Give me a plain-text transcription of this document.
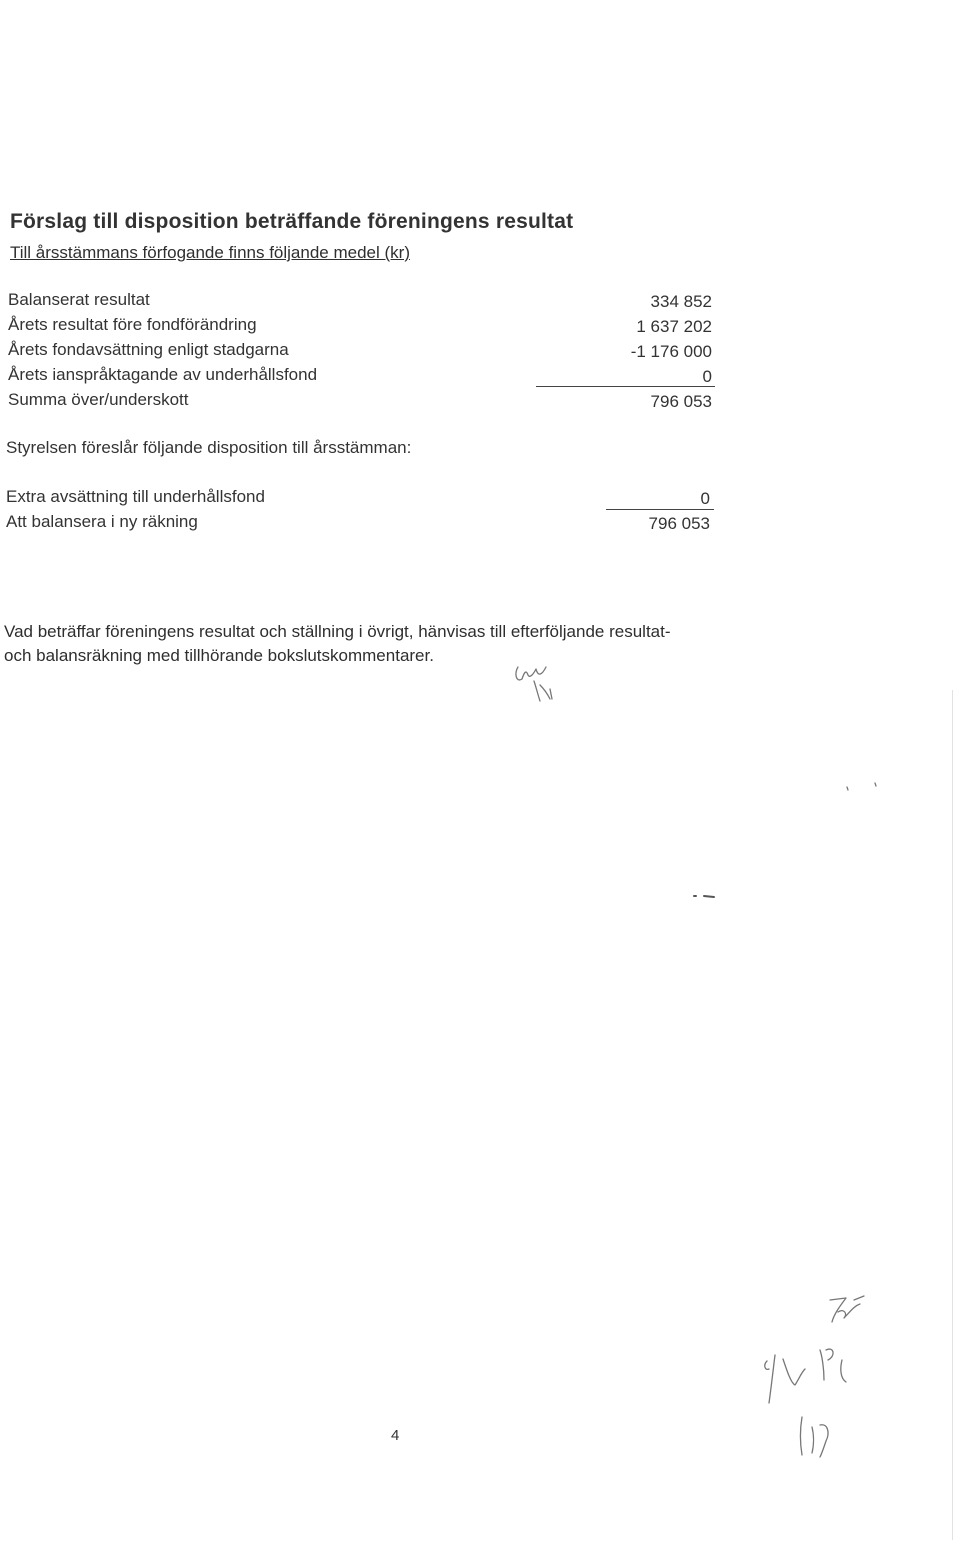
Förslag till disposition beträffande föreningens resultat
Till årsstämmans förfogande finns följande medel (kr)
Balanserat resultat	334 852
Årets resultat före fondförändring	1 637 202
Årets fondavsättning enligt stadgarna	-1 176 000
Årets ianspråktagande av underhållsfond	0
Summa över/underskott	796 053
Styrelsen föreslår följande disposition till årsstämman:
Extra avsättning till underhållsfond	0
Att balansera i ny räkning	796 053
Vad beträffar föreningens resultat och ställning i övrigt, hänvisas till efterföljande resultat-
och balansräkning med tillhörande bokslutskommentarer.
4
